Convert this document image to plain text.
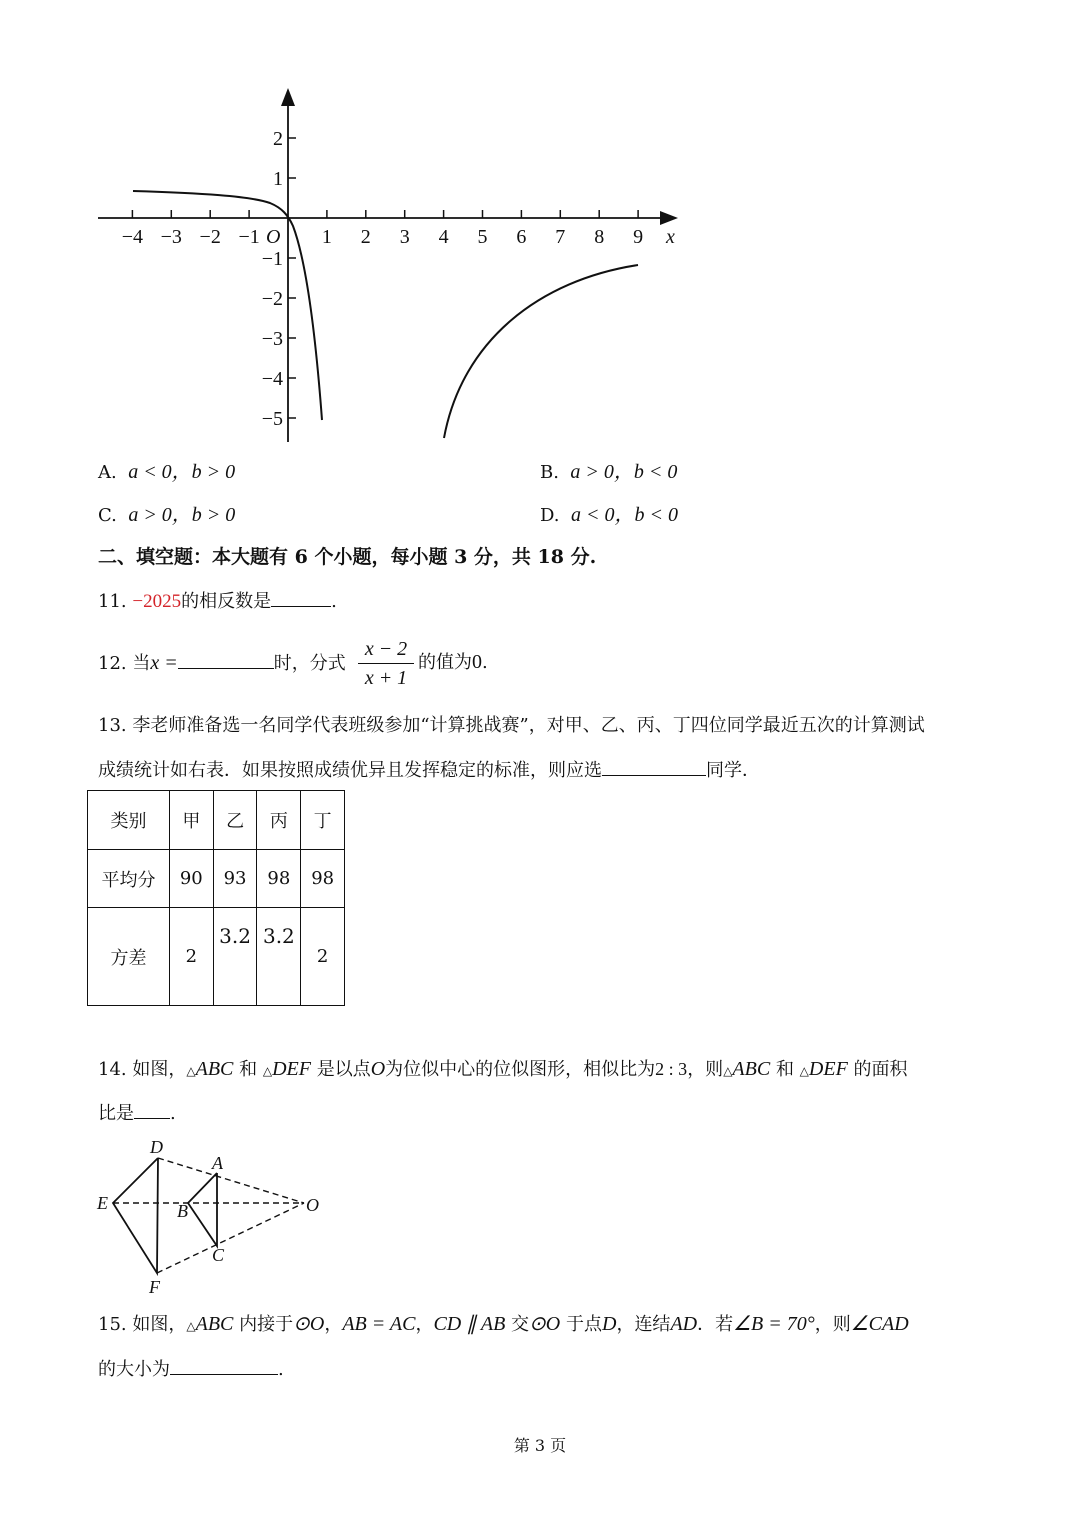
−4 −3 −2 −1	1 2 3 4 5 6 7 8 9
2
1
−1
−2
−3
−4
−5
O	x
A. a < 0，b > 0	B. a > 0，b < 0
C. a > 0，b > 0	D. a < 0，b < 0
二、填空题：本大题有 6 个小题，每小题 3 分，共 18 分.
11. −2025的相反数是	.
12. 当x =	时，分式
x − 2
x + 1
的值为0.
13. 李老师准备选一名同学代表班级参加“计算挑战赛”，对甲、乙、丙、丁四位同学最近五次的计算测试
成绩统计如右表．如果按照成绩优异且发挥稳定的标准，则应选	同学．
类别	甲	乙	丙	丁
平均分	90	93	98	98
方差	2	3.2	3.2	2
14. 如图，△ABC 和 △DEF 是以点O为位似中心的位似图形，相似比为2 : 3，则△ABC 和 △DEF 的面积
比是 .
D
A
E	B	O
C
F
15. 如图，△ABC 内接于⊙O，AB = AC，CD ∥ AB 交⊙O 于点D，连结AD．若∠B = 70°，则∠CAD
的大小为	.
第 3 页
